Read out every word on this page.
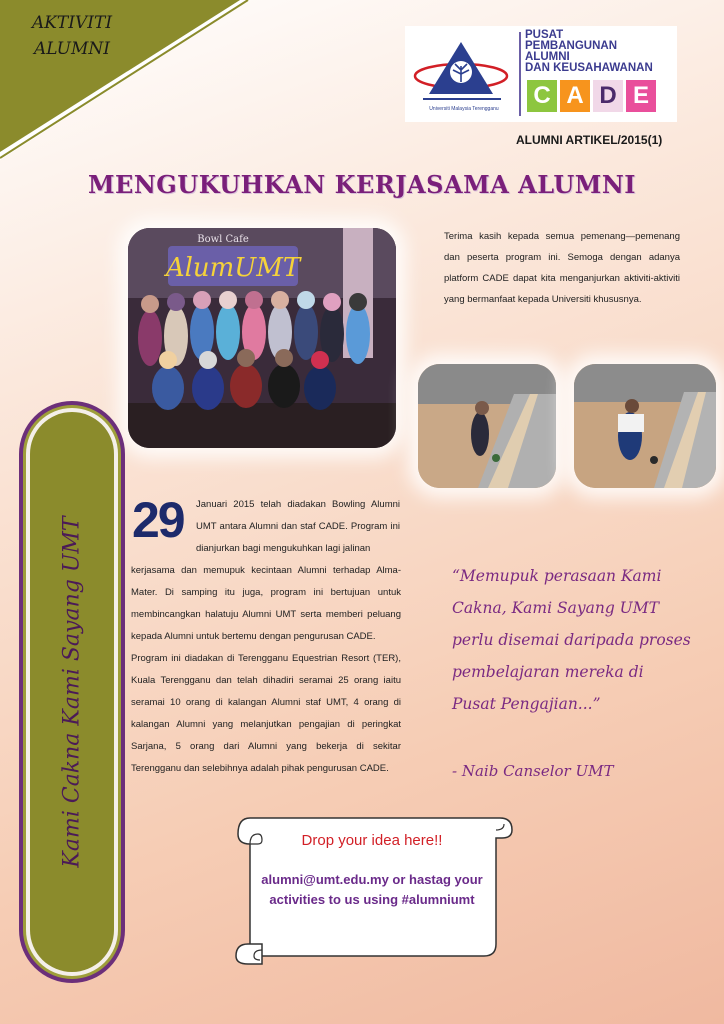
AKTIVITI
ALUMNI
Universiti Malaysia Terengganu
PUSAT
PEMBANGUNAN
ALUMNI
DAN KEUSAHAWANAN
C A D E
ALUMNI ARTIKEL/2015(1)
MENGUKUHKAN KERJASAMA ALUMNI
AlumUMT
Bowl Cafe	Terima kasih kepada semua pemenang—pemenang dan peserta program ini. Semoga dengan adanya platform CADE dapat kita menganjurkan aktiviti-aktiviti yang bermanfaat kepada Universiti khususnya.
Kami Cakna Kami Sayang UMT 29 Januari 2015 telah diadakan Bowling Alumni UMT antara Alumni dan staf CADE. Program ini dianjurkan bagi mengukuhkan lagi jalinan

kerjasama dan memupuk kecintaan Alumni terhadap Alma-Mater. Di samping itu juga, program ini bertujuan untuk membincangkan halatuju Alumni UMT serta memberi peluang kepada Alumni untuk bertemu dengan pengurusan CADE.

Program ini diadakan di Terengganu Equestrian Resort (TER), Kuala Terengganu dan telah dihadiri seramai 25 orang iaitu seramai 10 orang di kalangan Alumni staf UMT, 4 orang di kalangan Alumni yang melanjutkan pengajian di peringkat Sarjana, 5 orang dari Alumni yang bekerja di sekitar Terengganu dan selebihnya adalah pihak pengurusan CADE.

“Memupuk perasaan Kami Cakna, Kami Sayang UMT perlu disemai daripada proses pembelajaran mereka di Pusat Pengajian...”
- Naib Canselor UMT
Drop your idea here!!
alumni@umt.edu.my or hastag your activities to us using #alumniumt
